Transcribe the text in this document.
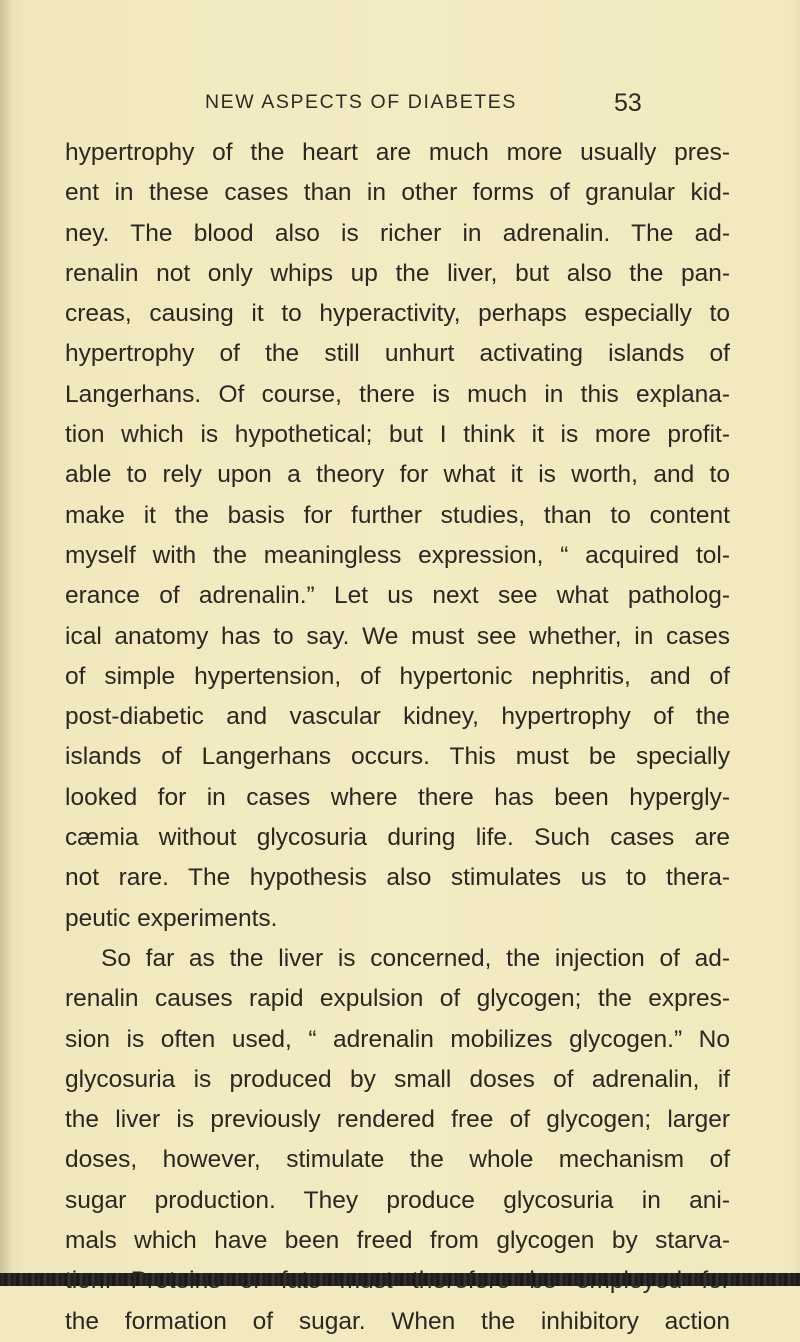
NEW ASPECTS OF DIABETES	53
hypertrophy of the heart are much more usually pres-
ent in these cases than in other forms of granular kid-
ney. The blood also is richer in adrenalin. The ad-
renalin not only whips up the liver, but also the pan-
creas, causing it to hyperactivity, perhaps especially to
hypertrophy of the still unhurt activating islands of
Langerhans. Of course, there is much in this explana-
tion which is hypothetical; but I think it is more profit-
able to rely upon a theory for what it is worth, and to
make it the basis for further studies, than to content
myself with the meaningless expression, “ acquired tol-
erance of adrenalin.” Let us next see what patholog-
ical anatomy has to say. We must see whether, in cases
of simple hypertension, of hypertonic nephritis, and of
post-diabetic and vascular kidney, hypertrophy of the
islands of Langerhans occurs. This must be specially
looked for in cases where there has been hypergly-
cæmia without glycosuria during life. Such cases are
not rare. The hypothesis also stimulates us to thera-
peutic experiments.
So far as the liver is concerned, the injection of ad-
renalin causes rapid expulsion of glycogen; the expres-
sion is often used, “ adrenalin mobilizes glycogen.” No
glycosuria is produced by small doses of adrenalin, if
the liver is previously rendered free of glycogen; larger
doses, however, stimulate the whole mechanism of
sugar production. They produce glycosuria in ani-
mals which have been freed from glycogen by starva-
the formation of sugar. When the inhibitory action
